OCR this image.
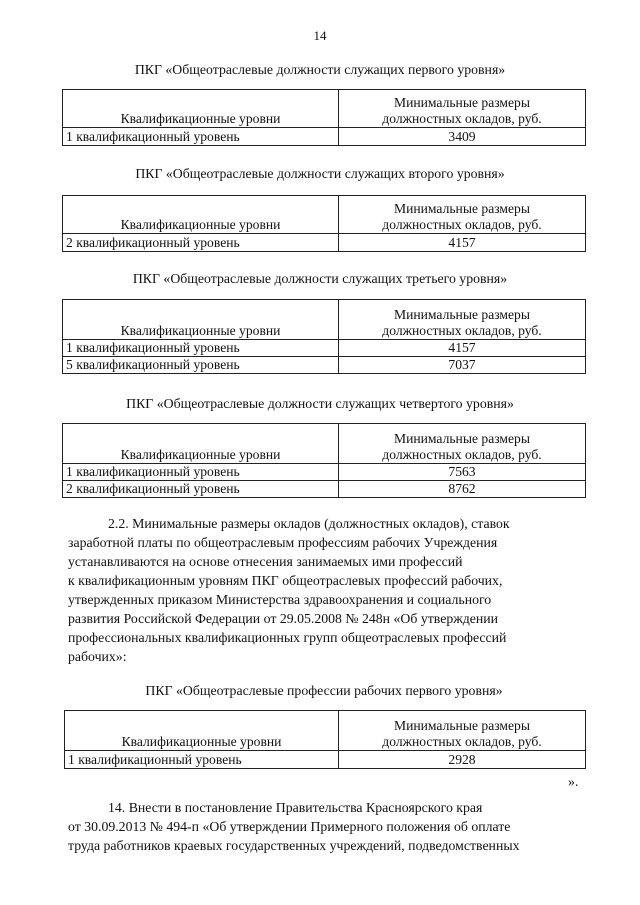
14
ПКГ «Общеотраслевые должности служащих первого уровня»
Квалификационные уровни	Минимальные размеры
должностных окладов, руб.

1 квалификационный уровень	3409
ПКГ «Общеотраслевые должности служащих второго уровня»
Квалификационные уровни	Минимальные размеры
должностных окладов, руб.

2 квалификационный уровень	4157
ПКГ «Общеотраслевые должности служащих третьего уровня»
Квалификационные уровни	Минимальные размеры
должностных окладов, руб.

1 квалификационный уровень	4157
5 квалификационный уровень	7037
ПКГ «Общеотраслевые должности служащих четвертого уровня»
Квалификационные уровни	Минимальные размеры
должностных окладов, руб.

1 квалификационный уровень	7563
2 квалификационный уровень	8762

2.2. Минимальные размеры окладов (должностных окладов), ставок

заработной платы по общеотраслевым профессиям рабочих Учреждения

устанавливаются на основе отнесения занимаемых ими профессий

к квалификационным уровням ПКГ общеотраслевых профессий рабочих,

утвержденных приказом Министерства здравоохранения и социального

развития Российской Федерации от 29.05.2008 № 248н «Об утверждении

профессиональных квалификационных групп общеотраслевых профессий

рабочих»:

ПКГ «Общеотраслевые профессии рабочих первого уровня»
Квалификационные уровни	Минимальные размеры
должностных окладов, руб.

1 квалификационный уровень	2928
».

14. Внести в постановление Правительства Красноярского края

от 30.09.2013 № 494-п «Об утверждении Примерного положения об оплате

труда работников краевых государственных учреждений, подведомственных
